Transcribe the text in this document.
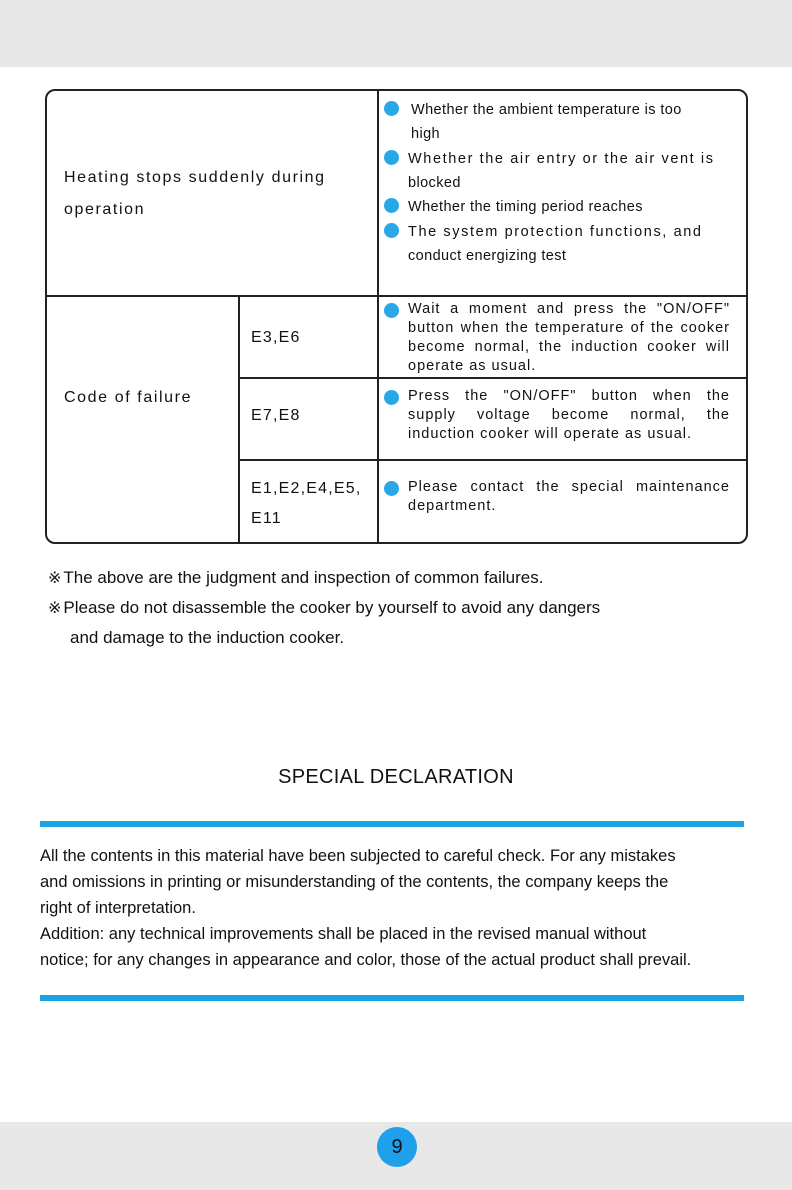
Heating stops suddenly during
operation
Whether the ambient temperature is too
high
Whether the air entry or the air vent is
blocked
Whether the timing period reaches
The system protection functions, and
conduct energizing test
Code of failure
E3,E6
E7,E8
E1,E2,E4,E5,
E11
Wait a moment and press the "ON/OFF" button when the temperature of the cooker become normal, the induction cooker will operate as usual.
Press the "ON/OFF" button when the supply voltage become normal, the induction cooker will operate as usual.
Please contact the special maintenance department.
※ The above are the judgment and inspection of common failures.
※ Please do not disassemble the cooker by yourself to avoid any dangers
and damage to the induction cooker.
SPECIAL DECLARATION

All the contents in this material have been subjected to careful check. For any mistakes

and omissions in printing or misunderstanding of the contents, the company keeps the

right of interpretation.

Addition: any technical improvements shall be placed in the revised manual without

notice; for any changes in appearance and color, those of the actual product shall prevail.

9
